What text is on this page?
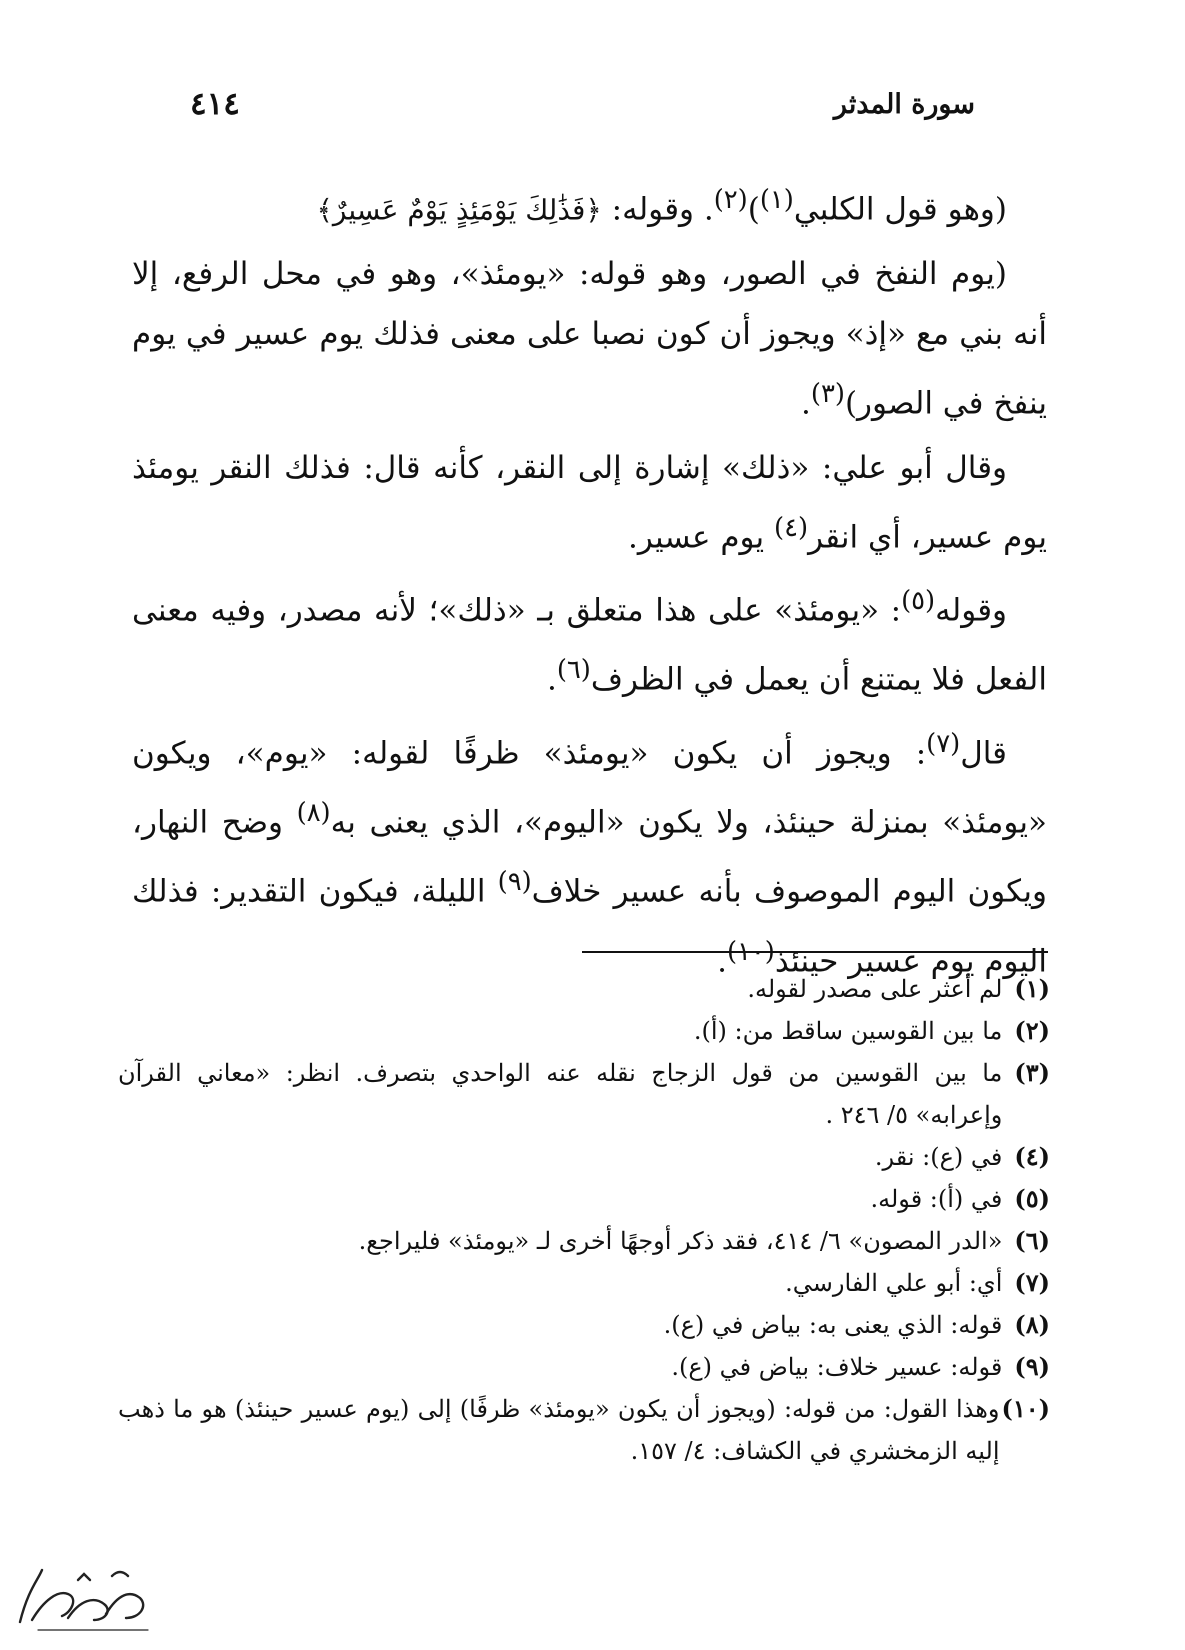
سورة المدثر
٤١٤

(وهو قول الكلبي$^{(١)}$)$^{(٢)}$. وقوله: ﴿فَذَٰلِكَ يَوْمَئِذٍ يَوْمٌ عَسِيرٌ﴾

(يوم النفخ في الصور، وهو قوله: «يومئذ»، وهو في محل الرفع، إلا أنه بني مع «إذ» ويجوز أن كون نصبا على معنى فذلك يوم عسير في يوم ينفخ في الصور)$^{(٣)}$.

وقال أبو علي: «ذلك» إشارة إلى النقر، كأنه قال: فذلك النقر يومئذ يوم عسير، أي انقر$^{(٤)}$ يوم عسير.

وقوله$^{(٥)}$: «يومئذ» على هذا متعلق بـ «ذلك»؛ لأنه مصدر، وفيه معنى الفعل فلا يمتنع أن يعمل في الظرف$^{(٦)}$.

قال$^{(٧)}$: ويجوز أن يكون «يومئذ» ظرفًا لقوله: «يوم»، ويكون «يومئذ» بمنزلة حينئذ، ولا يكون «اليوم»، الذي يعنى به$^{(٨)}$ وضح النهار، ويكون اليوم الموصوف بأنه عسير خلاف$^{(٩)}$ الليلة، فيكون التقدير: فذلك اليوم يوم عسير حينئذ$^{(١٠)}$.

(١)
لم أعثر على مصدر لقوله.
(٢)
ما بين القوسين ساقط من: (أ).
(٣)
ما بين القوسين من قول الزجاج نقله عنه الواحدي بتصرف. انظر: «معاني القرآن وإعرابه» ٥/ ٢٤٦ .
(٤)
في (ع): نقر.
(٥)
في (أ): قوله.
(٦)
«الدر المصون» ٦/ ٤١٤، فقد ذكر أوجهًا أخرى لـ «يومئذ» فليراجع.
(٧)
أي: أبو علي الفارسي.
(٨)
قوله: الذي يعنى به: بياض في (ع).
(٩)
قوله: عسير خلاف: بياض في (ع).
(١٠)
وهذا القول: من قوله: (ويجوز أن يكون «يومئذ» ظرفًا) إلى (يوم عسير حينئذ) هو ما ذهب إليه الزمخشري في الكشاف: ٤/ ١٥٧.
